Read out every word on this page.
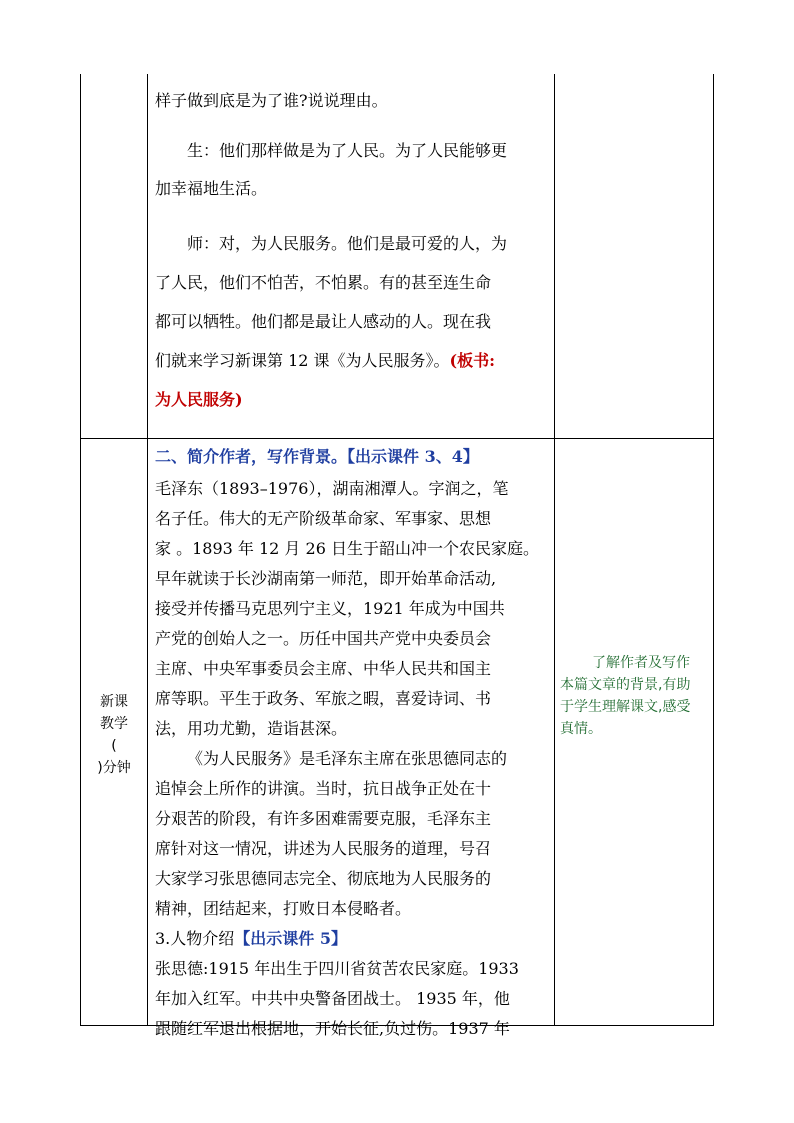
样子做到底是为了谁?说说理由。
生：他们那样做是为了人民。为了人民能够更
加幸福地生活。
师：对，为人民服务。他们是最可爱的人，为
了人民，他们不怕苦，不怕累。有的甚至连生命
都可以牺牲。他们都是最让人感动的人。现在我
们就来学习新课第 12 课《为人民服务》。(板书:
为人民服务)
新课
教学
(
)分钟
二、简介作者，写作背景。【出示课件 3、4】
毛泽东（1893–1976），湖南湘潭人。字润之，笔
名子任。伟大的无产阶级革命家、军事家、思想
家 。1893 年 12 月 26 日生于韶山冲一个农民家庭。
早年就读于长沙湖南第一师范，即开始革命活动,
接受并传播马克思列宁主义，1921 年成为中国共
产党的创始人之一。历任中国共产党中央委员会
主席、中央军事委员会主席、中华人民共和国主
席等职。平生于政务、军旅之暇，喜爱诗词、书
法，用功尤勤，造诣甚深。
《为人民服务》是毛泽东主席在张思德同志的
追悼会上所作的讲演。当时，抗日战争正处在十
分艰苦的阶段，有许多困难需要克服，毛泽东主
席针对这一情况，讲述为人民服务的道理，号召
大家学习张思德同志完全、彻底地为人民服务的
精神，团结起来，打败日本侵略者。
3.人物介绍【出示课件 5】
张思德:1915 年出生于四川省贫苦农民家庭。1933
年加入红军。中共中央警备团战士。 1935 年，他
跟随红军退出根据地，开始长征,负过伤。1937 年
了解作者及写作
本篇文章的背景,有助
于学生理解课文,感受
真情。
